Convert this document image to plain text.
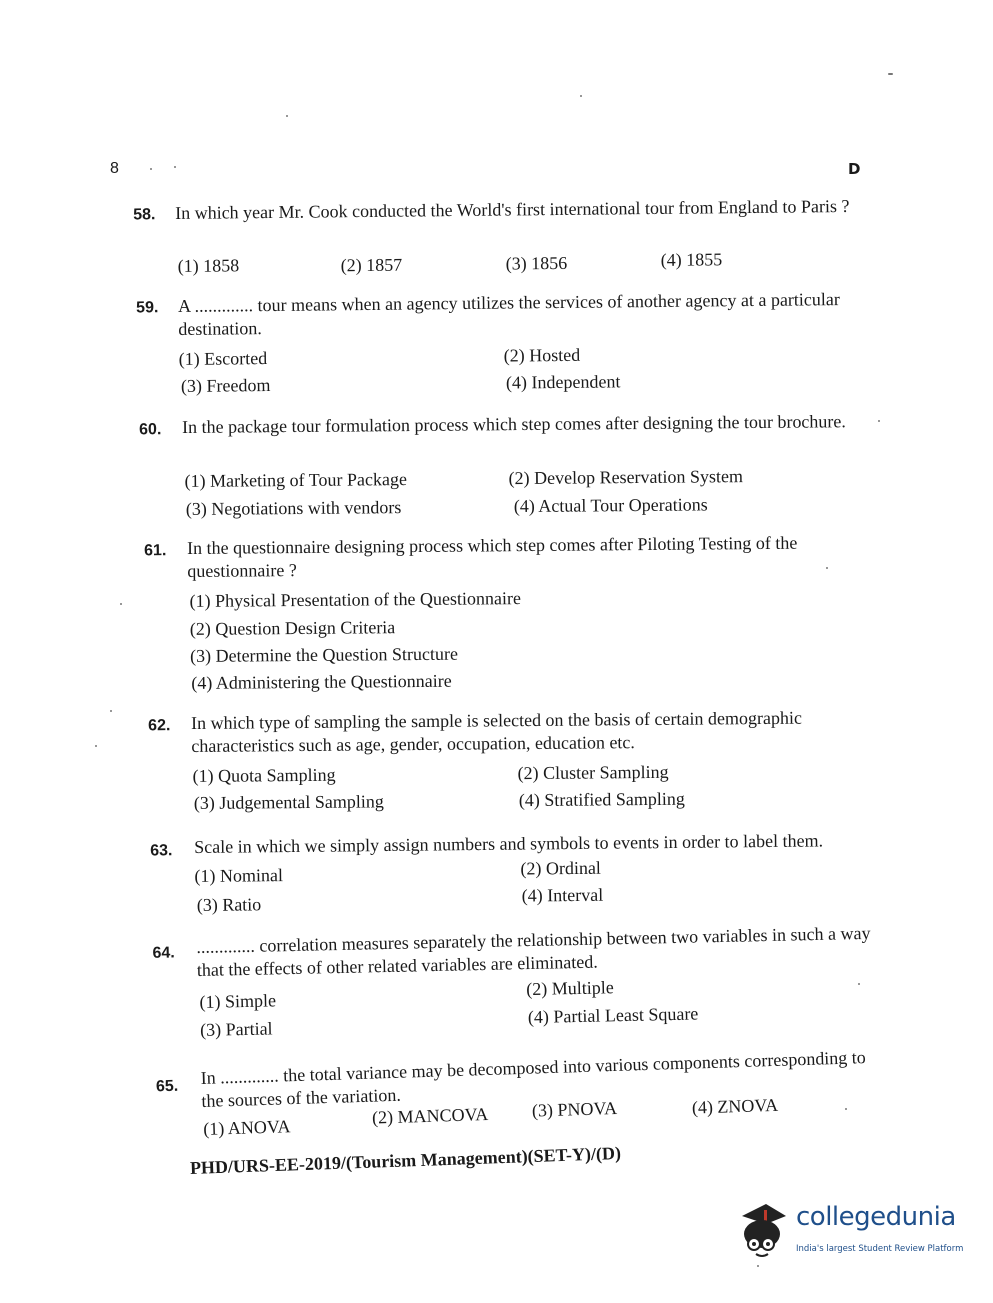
8	D
58. In which year Mr. Cook conducted the World's first international tour from England to Paris ?
(1) 1858	(2) 1857	(3) 1856	(4) 1855
59. A ............. tour means when an agency utilizes the services of another agency at a particular destination.
(1) Escorted	(2) Hosted
(3) Freedom	(4) Independent
60. In the package tour formulation process which step comes after designing the tour brochure.
(1) Marketing of Tour Package	(2) Develop Reservation System
(3) Negotiations with vendors	(4) Actual Tour Operations
61. In the questionnaire designing process which step comes after Piloting Testing of the questionnaire ?
(1) Physical Presentation of the Questionnaire
(2) Question Design Criteria
(3) Determine the Question Structure
(4) Administering the Questionnaire
62. In which type of sampling the sample is selected on the basis of certain demographic characteristics such as age, gender, occupation, education etc.
(1) Quota Sampling	(2) Cluster Sampling
(3) Judgemental Sampling	(4) Stratified Sampling
63. Scale in which we simply assign numbers and symbols to events in order to label them.
(1) Nominal	(2) Ordinal
(3) Ratio	(4) Interval
64. ............. correlation measures separately the relationship between two variables in such a way that the effects of other related variables are eliminated.
(1) Simple
(2) Multiple
(3) Partial
(4) Partial Least Square
65. In ............. the total variance may be decomposed into various components corresponding to the sources of the variation.
(1) ANOVA	(2) MANCOVA (3) PNOVA	(4) ZNOVA
PHD/URS-EE-2019/(Tourism Management)(SET-Y)/(D)
collegedunia
India's largest Student Review Platform
